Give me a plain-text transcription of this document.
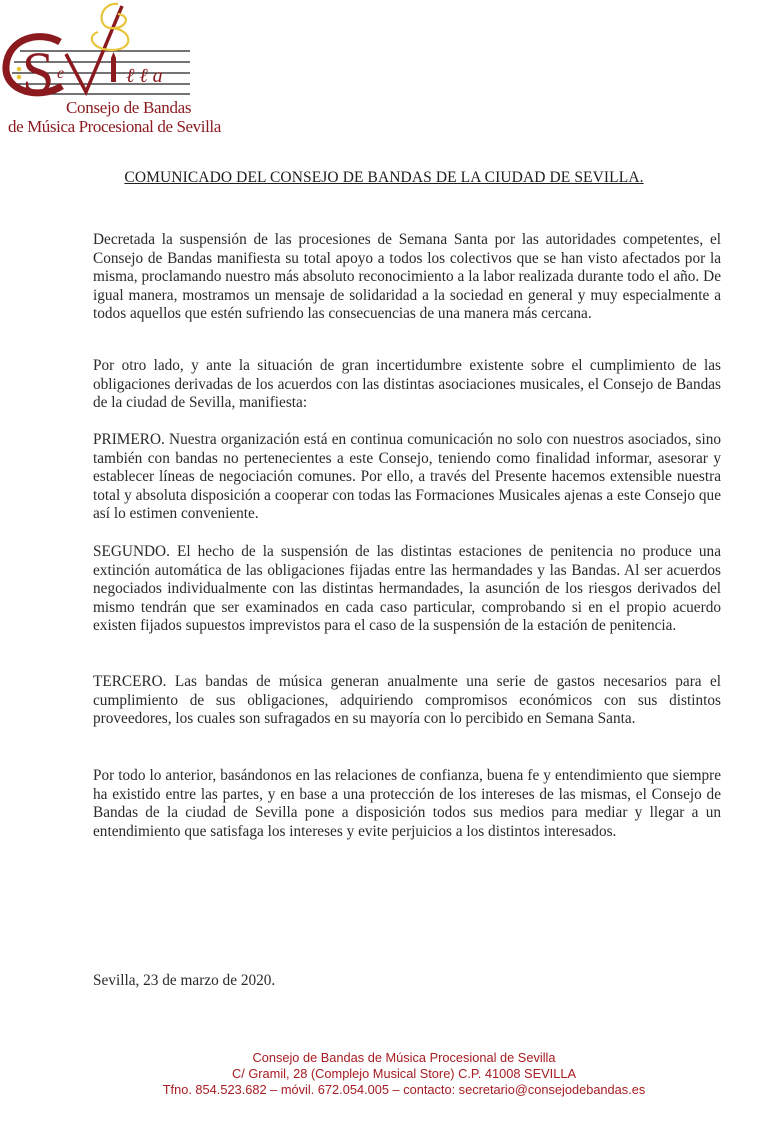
S e	ℓ ℓ a
Consejo de Bandas
de Música Procesional de Sevilla
COMUNICADO DEL CONSEJO DE BANDAS DE LA CIUDAD DE SEVILLA.

Decretada la suspensión de las procesiones de Semana Santa por las autoridades competentes, el Consejo de Bandas manifiesta su total apoyo a todos los colectivos que se han visto afectados por la misma, proclamando nuestro más absoluto reconocimiento a la labor realizada durante todo el año. De igual manera, mostramos un mensaje de solidaridad a la sociedad en general y muy especialmente a todos aquellos que estén sufriendo las consecuencias de una manera más cercana.

Por otro lado, y ante la situación de gran incertidumbre existente sobre el cumplimiento de las obligaciones derivadas de los acuerdos con las distintas asociaciones musicales, el Consejo de Bandas de la ciudad de Sevilla, manifiesta:

PRIMERO. Nuestra organización está en continua comunicación no solo con nuestros asociados, sino también con bandas no pertenecientes a este Consejo, teniendo como finalidad informar, asesorar y establecer líneas de negociación comunes. Por ello, a través del Presente hacemos extensible nuestra total y absoluta disposición a cooperar con todas las Formaciones Musicales ajenas a este Consejo que así lo estimen conveniente.

SEGUNDO. El hecho de la suspensión de las distintas estaciones de penitencia no produce una extinción automática de las obligaciones fijadas entre las hermandades y las Bandas. Al ser acuerdos negociados individualmente con las distintas hermandades, la asunción de los riesgos derivados del mismo tendrán que ser examinados en cada caso particular, comprobando si en el propio acuerdo existen fijados supuestos imprevistos para el caso de la suspensión de la estación de penitencia.

TERCERO. Las bandas de música generan anualmente una serie de gastos necesarios para el cumplimiento de sus obligaciones, adquiriendo compromisos económicos con sus distintos proveedores, los cuales son sufragados en su mayoría con lo percibido en Semana Santa.

Por todo lo anterior, basándonos en las relaciones de confianza, buena fe y entendimiento que siempre ha existido entre las partes, y en base a una protección de los intereses de las mismas, el Consejo de Bandas de la ciudad de Sevilla pone a disposición todos sus medios para mediar y llegar a un entendimiento que satisfaga los intereses y evite perjuicios a los distintos interesados.

Sevilla, 23 de marzo de 2020.
Consejo de Bandas de Música Procesional de Sevilla
C/ Gramil, 28 (Complejo Musical Store) C.P. 41008 SEVILLA
Tfno. 854.523.682 – móvil. 672.054.005 – contacto: secretario@consejodebandas.es
